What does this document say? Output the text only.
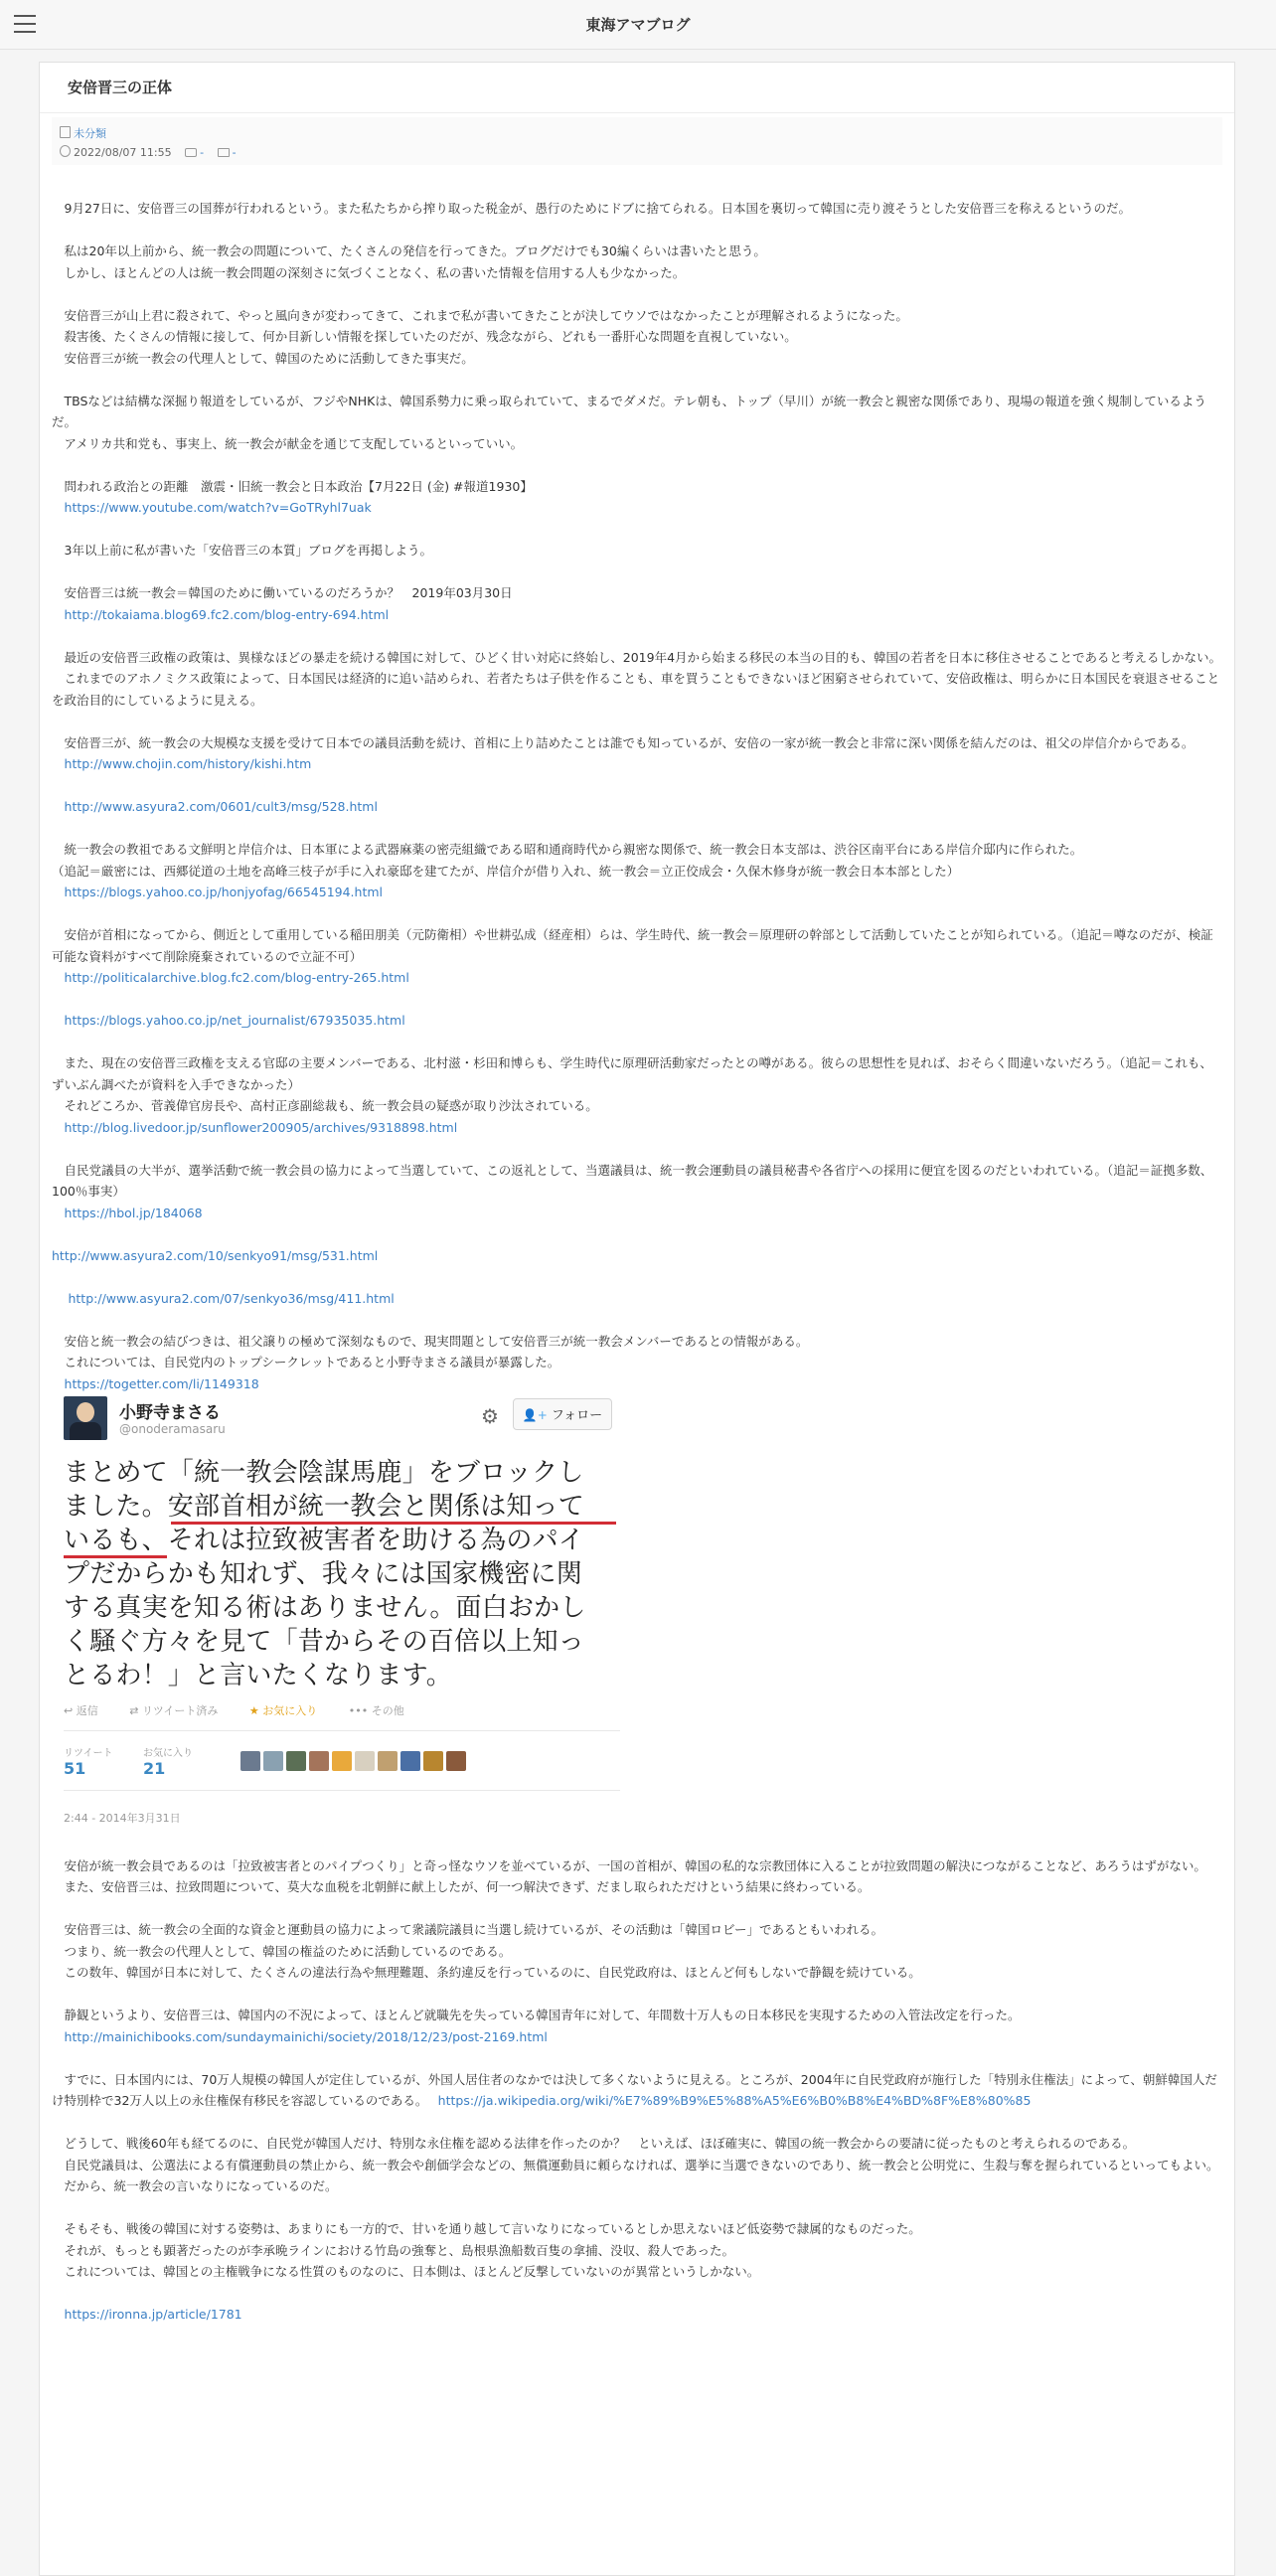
東海アマブログ
安倍晋三の正体
未分類
2022/08/07 11:55	-	-
　9月27日に、安倍晋三の国葬が行われるという。また私たちから搾り取った税金が、愚行のためにドブに捨てられる。日本国を裏切って韓国に売り渡そうとした安倍晋三を称えるというのだ。
　私は20年以上前から、統一教会の問題について、たくさんの発信を行ってきた。ブログだけでも30編くらいは書いたと思う。
　しかし、ほとんどの人は統一教会問題の深刻さに気づくことなく、私の書いた情報を信用する人も少なかった。
　安倍晋三が山上君に殺されて、やっと風向きが変わってきて、これまで私が書いてきたことが決してウソではなかったことが理解されるようになった。
　殺害後、たくさんの情報に接して、何か目新しい情報を探していたのだが、残念ながら、どれも一番肝心な問題を直視していない。
　安倍晋三が統一教会の代理人として、韓国のために活動してきた事実だ。
　TBSなどは結構な深掘り報道をしているが、フジやNHKは、韓国系勢力に乗っ取られていて、まるでダメだ。テレ朝も、トップ（早川）が統一教会と親密な関係であり、現場の報道を強く規制しているようだ。
　アメリカ共和党も、事実上、統一教会が献金を通じて支配しているといっていい。
　問われる政治との距離　激震・旧統一教会と日本政治【7月22日 (金) #報道1930】
　https://www.youtube.com/watch?v=GoTRyhl7uak
　3年以上前に私が書いた「安倍晋三の本質」ブログを再掲しよう。
　安倍晋三は統一教会＝韓国のために働いているのだろうか？　2019年03月30日
　http://tokaiama.blog69.fc2.com/blog-entry-694.html
　最近の安倍晋三政権の政策は、異様なほどの暴走を続ける韓国に対して、ひどく甘い対応に終始し、2019年4月から始まる移民の本当の目的も、韓国の若者を日本に移住させることであると考えるしかない。
　これまでのアホノミクス政策によって、日本国民は経済的に追い詰められ、若者たちは子供を作ることも、車を買うこともできないほど困窮させられていて、安倍政権は、明らかに日本国民を衰退させることを政治目的にしているように見える。
　安倍晋三が、統一教会の大規模な支援を受けて日本での議員活動を続け、首相に上り詰めたことは誰でも知っているが、安倍の一家が統一教会と非常に深い関係を結んだのは、祖父の岸信介からである。
　http://www.chojin.com/history/kishi.htm
　http://www.asyura2.com/0601/cult3/msg/528.html
　統一教会の教祖である文鮮明と岸信介は、日本軍による武器麻薬の密売組織である昭和通商時代から親密な関係で、統一教会日本支部は、渋谷区南平台にある岸信介邸内に作られた。
（追記＝厳密には、西郷従道の土地を高峰三枝子が手に入れ豪邸を建てたが、岸信介が借り入れ、統一教会＝立正佼成会・久保木修身が統一教会日本本部とした）
　https://blogs.yahoo.co.jp/honjyofag/66545194.html
　安倍が首相になってから、側近として重用している稲田朋美（元防衛相）や世耕弘成（経産相）らは、学生時代、統一教会＝原理研の幹部として活動していたことが知られている。（追記＝噂なのだが、検証可能な資料がすべて削除廃棄されているので立証不可）
　http://politicalarchive.blog.fc2.com/blog-entry-265.html
　https://blogs.yahoo.co.jp/net_journalist/67935035.html
　また、現在の安倍晋三政権を支える官邸の主要メンバーである、北村滋・杉田和博らも、学生時代に原理研活動家だったとの噂がある。彼らの思想性を見れば、おそらく間違いないだろう。（追記＝これも、ずいぶん調べたが資料を入手できなかった）
　それどころか、菅義偉官房長や、高村正彦副総裁も、統一教会員の疑惑が取り沙汰されている。
　http://blog.livedoor.jp/sunflower200905/archives/9318898.html
　自民党議員の大半が、選挙活動で統一教会員の協力によって当選していて、この返礼として、当選議員は、統一教会運動員の議員秘書や各省庁への採用に便宜を図るのだといわれている。（追記＝証拠多数、100％事実）
　https://hbol.jp/184068
http://www.asyura2.com/10/senkyo91/msg/531.html
　 http://www.asyura2.com/07/senkyo36/msg/411.html
　安倍と統一教会の結びつきは、祖父譲りの極めて深刻なもので、現実問題として安倍晋三が統一教会メンバーであるとの情報がある。
　これについては、自民党内のトップシークレットであると小野寺まさる議員が暴露した。
　https://togetter.com/li/1149318
小野寺まさる
@onoderamasaru
⚙	👤+ フォロー
まとめて「統一教会陰謀馬鹿」をブロックし
ました。安部首相が統一教会と関係は知って
いるも、それは拉致被害者を助ける為のパイ
プだからかも知れず、我々には国家機密に関
する真実を知る術はありません。面白おかし
く騒ぐ方々を見て「昔からその百倍以上知っ
とるわ！」と言いたくなります。
↩ 返信	⇄ リツイート済み	★ お気に入り	••• その他
リツイート
51
お気に入り
21
2:44 - 2014年3月31日
　安倍が統一教会員であるのは「拉致被害者とのパイプつくり」と奇っ怪なウソを並べているが、一国の首相が、韓国の私的な宗教団体に入ることが拉致問題の解決につながることなど、あろうはずがない。
　また、安倍晋三は、拉致問題について、莫大な血税を北朝鮮に献上したが、何一つ解決できず、だまし取られただけという結果に終わっている。
　安倍晋三は、統一教会の全面的な資金と運動員の協力によって衆議院議員に当選し続けているが、その活動は「韓国ロビー」であるともいわれる。
　つまり、統一教会の代理人として、韓国の権益のために活動しているのである。
　この数年、韓国が日本に対して、たくさんの違法行為や無理難題、条約違反を行っているのに、自民党政府は、ほとんど何もしないで静観を続けている。
　静観というより、安倍晋三は、韓国内の不況によって、ほとんど就職先を失っている韓国青年に対して、年間数十万人もの日本移民を実現するための入管法改定を行った。
　http://mainichibooks.com/sundaymainichi/society/2018/12/23/post-2169.html
　すでに、日本国内には、70万人規模の韓国人が定住しているが、外国人居住者のなかでは決して多くないように見える。ところが、2004年に自民党政府が施行した「特別永住権法」によって、朝鮮韓国人だけ特別枠で32万人以上の永住権保有移民を容認しているのである。　 https://ja.wikipedia.org/wiki/%E7%89%B9%E5%88%A5%E6%B0%B8%E4%BD%8F%E8%80%85
　どうして、戦後60年も経てるのに、自民党が韓国人だけ、特別な永住権を認める法律を作ったのか？　といえば、ほぼ確実に、韓国の統一教会からの要請に従ったものと考えられるのである。
　自民党議員は、公選法による有償運動員の禁止から、統一教会や創価学会などの、無償運動員に頼らなければ、選挙に当選できないのであり、統一教会と公明党に、生殺与奪を握られているといってもよい。
　だから、統一教会の言いなりになっているのだ。
　そもそも、戦後の韓国に対する姿勢は、あまりにも一方的で、甘いを通り越して言いなりになっているとしか思えないほど低姿勢で隷属的なものだった。
　それが、もっとも顕著だったのが李承晩ラインにおける竹島の強奪と、島根県漁船数百隻の拿捕、没収、殺人であった。
　これについては、韓国との主権戦争になる性質のものなのに、日本側は、ほとんど反撃していないのが異常というしかない。
　https://ironna.jp/article/1781
